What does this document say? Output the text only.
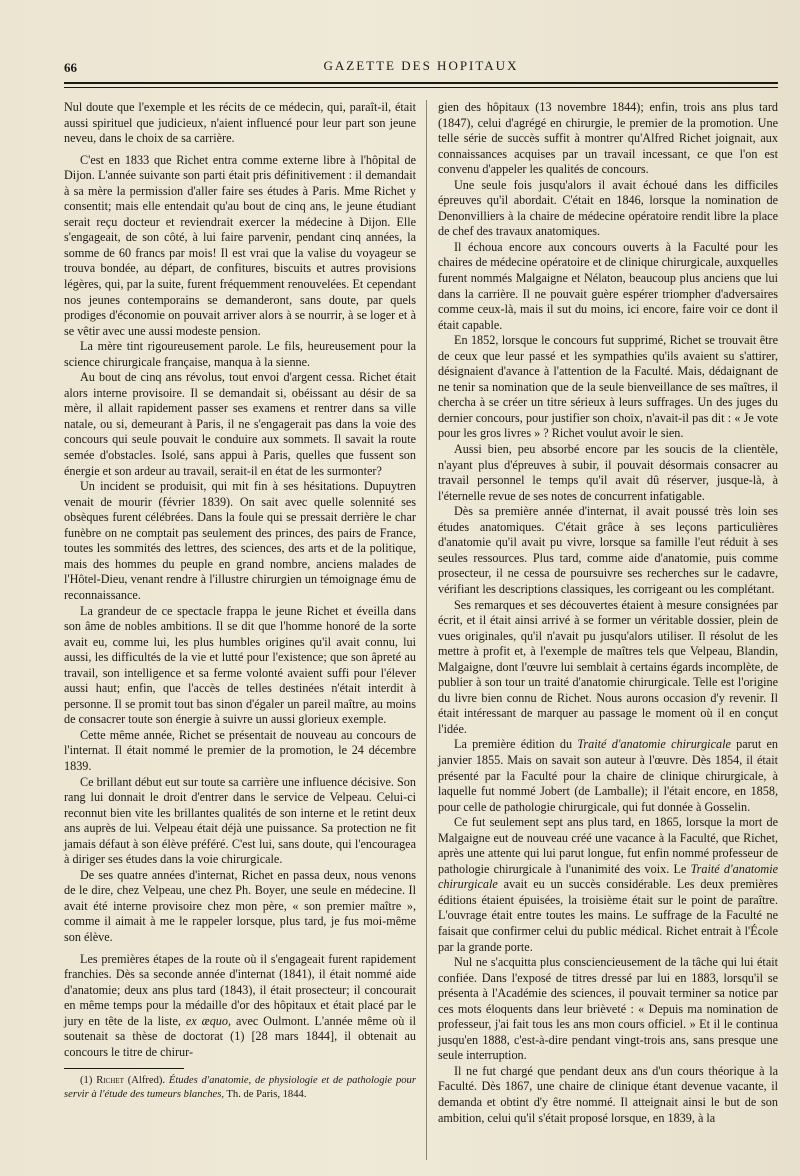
66	GAZETTE DES HOPITAUX

Nul doute que l'exemple et les récits de ce médecin, qui, paraît-il, était aussi spirituel que judicieux, n'aient influencé pour leur part son jeune neveu, dans le choix de sa carrière.

C'est en 1833 que Richet entra comme externe libre à l'hôpital de Dijon. L'année suivante son parti était pris définitivement : il demandait à sa mère la permission d'aller faire ses études à Paris. Mme Richet y consentit; mais elle entendait qu'au bout de cinq ans, le jeune étudiant serait reçu docteur et reviendrait exercer la médecine à Dijon. Elle s'engageait, de son côté, à lui faire parvenir, pendant cinq années, la somme de 60 francs par mois! Il est vrai que la valise du voyageur se trouva bondée, au départ, de confitures, biscuits et autres provisions légères, qui, par la suite, furent fréquemment renouvelées. Et cependant nos jeunes contemporains se demanderont, sans doute, par quels prodiges d'économie on pouvait arriver alors à se nourrir, à se loger et à se vêtir avec une aussi modeste pension.

La mère tint rigoureusement parole. Le fils, heureusement pour la science chirurgicale française, manqua à la sienne.

Au bout de cinq ans révolus, tout envoi d'argent cessa. Richet était alors interne provisoire. Il se demandait si, obéissant au désir de sa mère, il allait rapidement passer ses examens et rentrer dans sa ville natale, ou si, demeurant à Paris, il ne s'engagerait pas dans la voie des concours qui seule pouvait le conduire aux sommets. Il savait la route semée d'obstacles. Isolé, sans appui à Paris, quelles que fussent son énergie et son ardeur au travail, serait-il en état de les surmonter?

Un incident se produisit, qui mit fin à ses hésitations. Dupuytren venait de mourir (février 1839). On sait avec quelle solennité ses obsèques furent célébrées. Dans la foule qui se pressait derrière le char funèbre on ne comptait pas seulement des princes, des pairs de France, toutes les sommités des lettres, des sciences, des arts et de la politique, mais des hommes du peuple en grand nombre, anciens malades de l'Hôtel-Dieu, venant rendre à l'illustre chirurgien un témoignage ému de reconnaissance.

La grandeur de ce spectacle frappa le jeune Richet et éveilla dans son âme de nobles ambitions. Il se dit que l'homme honoré de la sorte avait eu, comme lui, les plus humbles origines qu'il avait connu, lui aussi, les difficultés de la vie et lutté pour l'existence; que son âpreté au travail, son intelligence et sa ferme volonté avaient suffi pour l'élever aussi haut; enfin, que l'accès de telles destinées n'était interdit à personne. Il se promit tout bas sinon d'égaler un pareil maître, au moins de consacrer toute son énergie à suivre un aussi glorieux exemple.

Cette même année, Richet se présentait de nouveau au concours de l'internat. Il était nommé le premier de la promotion, le 24 décembre 1839.

Ce brillant début eut sur toute sa carrière une influence décisive. Son rang lui donnait le droit d'entrer dans le service de Velpeau. Celui-ci reconnut bien vite les brillantes qualités de son interne et le retint deux ans auprès de lui. Velpeau était déjà une puissance. Sa protection ne fit jamais défaut à son élève préféré. C'est lui, sans doute, qui l'encouragea à diriger ses études dans la voie chirurgicale.

De ses quatre années d'internat, Richet en passa deux, nous venons de le dire, chez Velpeau, une chez Ph. Boyer, une seule en médecine. Il avait été interne provisoire chez mon père, « son premier maître », comme il aimait à me le rappeler lorsque, plus tard, je fus moi-même son élève.

Les premières étapes de la route où il s'engageait furent rapidement franchies. Dès sa seconde année d'internat (1841), il était nommé aide d'anatomie; deux ans plus tard (1843), il était prosecteur; il concourait en même temps pour la médaille d'or des hôpitaux et était placé par le jury en tête de la liste, ex æquo, avec Oulmont. L'année même où il soutenait sa thèse de doctorat (1) [28 mars 1844], il obtenait au concours le titre de chirur-

(1) Richet (Alfred). Études d'anatomie, de physiologie et de pathologie pour servir à l'étude des tumeurs blanches, Th. de Paris, 1844.

gien des hôpitaux (13 novembre 1844); enfin, trois ans plus tard (1847), celui d'agrégé en chirurgie, le premier de la promotion. Une telle série de succès suffit à montrer qu'Alfred Richet joignait, aux connaissances acquises par un travail incessant, ce que l'on est convenu d'appeler les qualités de concours.

Une seule fois jusqu'alors il avait échoué dans les difficiles épreuves qu'il abordait. C'était en 1846, lorsque la nomination de Denonvilliers à la chaire de médecine opératoire rendit libre la place de chef des travaux anatomiques.

Il échoua encore aux concours ouverts à la Faculté pour les chaires de médecine opératoire et de clinique chirurgicale, auxquelles furent nommés Malgaigne et Nélaton, beaucoup plus anciens que lui dans la carrière. Il ne pouvait guère espérer triompher d'adversaires comme ceux-là, mais il sut du moins, ici encore, faire voir ce dont il était capable.

En 1852, lorsque le concours fut supprimé, Richet se trouvait être de ceux que leur passé et les sympathies qu'ils avaient su s'attirer, désignaient d'avance à l'attention de la Faculté. Mais, dédaignant de ne tenir sa nomination que de la seule bienveillance de ses maîtres, il chercha à se créer un titre sérieux à leurs suffrages. Un des juges du dernier concours, pour justifier son choix, n'avait-il pas dit : « Je vote pour les gros livres » ? Richet voulut avoir le sien.

Aussi bien, peu absorbé encore par les soucis de la clientèle, n'ayant plus d'épreuves à subir, il pouvait désormais consacrer au travail personnel le temps qu'il avait dû réserver, jusque-là, à l'éternelle revue de ses notes de concurrent infatigable.

Dès sa première année d'internat, il avait poussé très loin ses études anatomiques. C'était grâce à ses leçons particulières d'anatomie qu'il avait pu vivre, lorsque sa famille l'eut réduit à ses seules ressources. Plus tard, comme aide d'anatomie, puis comme prosecteur, il ne cessa de poursuivre ses recherches sur le cadavre, vérifiant les descriptions classiques, les corrigeant ou les complétant.

Ses remarques et ses découvertes étaient à mesure consignées par écrit, et il était ainsi arrivé à se former un véritable dossier, plein de vues originales, qu'il n'avait pu jusqu'alors utiliser. Il résolut de les mettre à profit et, à l'exemple de maîtres tels que Velpeau, Blandin, Malgaigne, dont l'œuvre lui semblait à certains égards incomplète, de publier à son tour un traité d'anatomie chirurgicale. Telle est l'origine du livre bien connu de Richet. Nous aurons occasion d'y revenir. Il était intéressant de marquer au passage le moment où il en conçut l'idée.

La première édition du Traité d'anatomie chirurgicale parut en janvier 1855. Mais on savait son auteur à l'œuvre. Dès 1854, il était présenté par la Faculté pour la chaire de clinique chirurgicale, à laquelle fut nommé Jobert (de Lamballe); il l'était encore, en 1858, pour celle de pathologie chirurgicale, qui fut donnée à Gosselin.

Ce fut seulement sept ans plus tard, en 1865, lorsque la mort de Malgaigne eut de nouveau créé une vacance à la Faculté, que Richet, après une attente qui lui parut longue, fut enfin nommé professeur de pathologie chirurgicale à l'unanimité des voix. Le Traité d'anatomie chirurgicale avait eu un succès considérable. Les deux premières éditions étaient épuisées, la troisième était sur le point de paraître. L'ouvrage était entre toutes les mains. Le suffrage de la Faculté ne faisait que confirmer celui du public médical. Richet entrait à l'École par la grande porte.

Nul ne s'acquitta plus consciencieusement de la tâche qui lui était confiée. Dans l'exposé de titres dressé par lui en 1883, lorsqu'il se présenta à l'Académie des sciences, il pouvait terminer sa notice par ces mots éloquents dans leur brièveté : « Depuis ma nomination de professeur, j'ai fait tous les ans mon cours officiel. » Et il le continua jusqu'en 1888, c'est-à-dire pendant vingt-trois ans, sans presque une seule interruption.

Il ne fut chargé que pendant deux ans d'un cours théorique à la Faculté. Dès 1867, une chaire de clinique étant devenue vacante, il demanda et obtint d'y être nommé. Il atteignait ainsi le but de son ambition, celui qu'il s'était proposé lorsque, en 1839, à la
